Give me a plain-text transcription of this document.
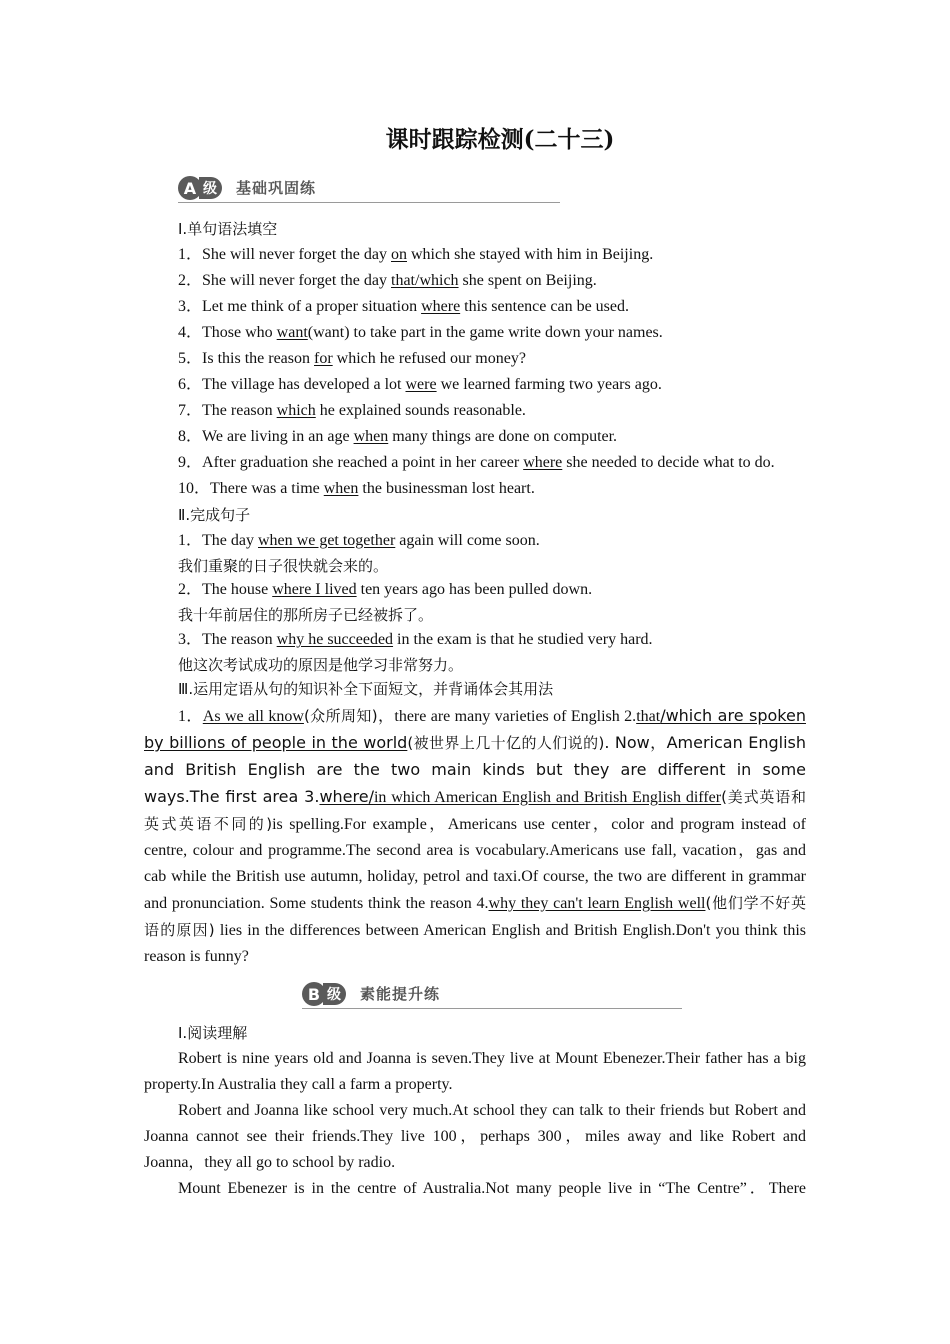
课时跟踪检测(二十三)
A 级	基础巩固练
Ⅰ.单句语法填空
1．She will never forget the day on which she stayed with him in Beijing.
2．She will never forget the day that/which she spent on Beijing.
3．Let me think of a proper situation where this sentence can be used.
4．Those who want(want) to take part in the game write down your names.
5．Is this the reason for which he refused our money?
6．The village has developed a lot were we learned farming two years ago.
7．The reason which he explained sounds reasonable.
8．We are living in an age when many things are done on computer.
9．After graduation she reached a point in her career where she needed to decide what to do.
10．There was a time when the businessman lost heart.
Ⅱ.完成句子
1．The day when we get together again will come soon.
我们重聚的日子很快就会来的。
2．The house where I lived ten years ago has been pulled down.
我十年前居住的那所房子已经被拆了。
3．The reason why he succeeded in the exam is that he studied very hard.
他这次考试成功的原因是他学习非常努力。
Ⅲ.运用定语从句的知识补全下面短文，并背诵体会其用法
1．As we all know(众所周知)，there are many varieties of English 2.that/which are spoken by billions of people in the world(被世界上几十亿的人们说的). Now，American English and British English are the two main kinds but they are different in some ways.The first area 3.where/in which American English and British English differ(美式英语和英式英语不同的)is spelling.For example，Americans use center，color and program instead of centre, colour and programme.The second area is vocabulary.Americans use fall, vacation，gas and cab while the British use autumn, holiday, petrol and taxi.Of course, the two are different in grammar and pronunciation. Some students think the reason 4.why they can't learn English well(他们学不好英语的原因) lies in the differences between American English and British English.Don't you think this reason is funny?
B 级	素能提升练
Ⅰ.阅读理解
Robert is nine years old and Joanna is seven.They live at Mount Ebenezer.Their father has a big property.In Australia they call a farm a property.
Robert and Joanna like school very much.At school they can talk to their friends but Robert and Joanna cannot see their friends.They live 100，perhaps 300，miles away and like Robert and Joanna，they all go to school by radio.
Mount Ebenezer is in the centre of Australia.Not many people live in “The Centre”．There
